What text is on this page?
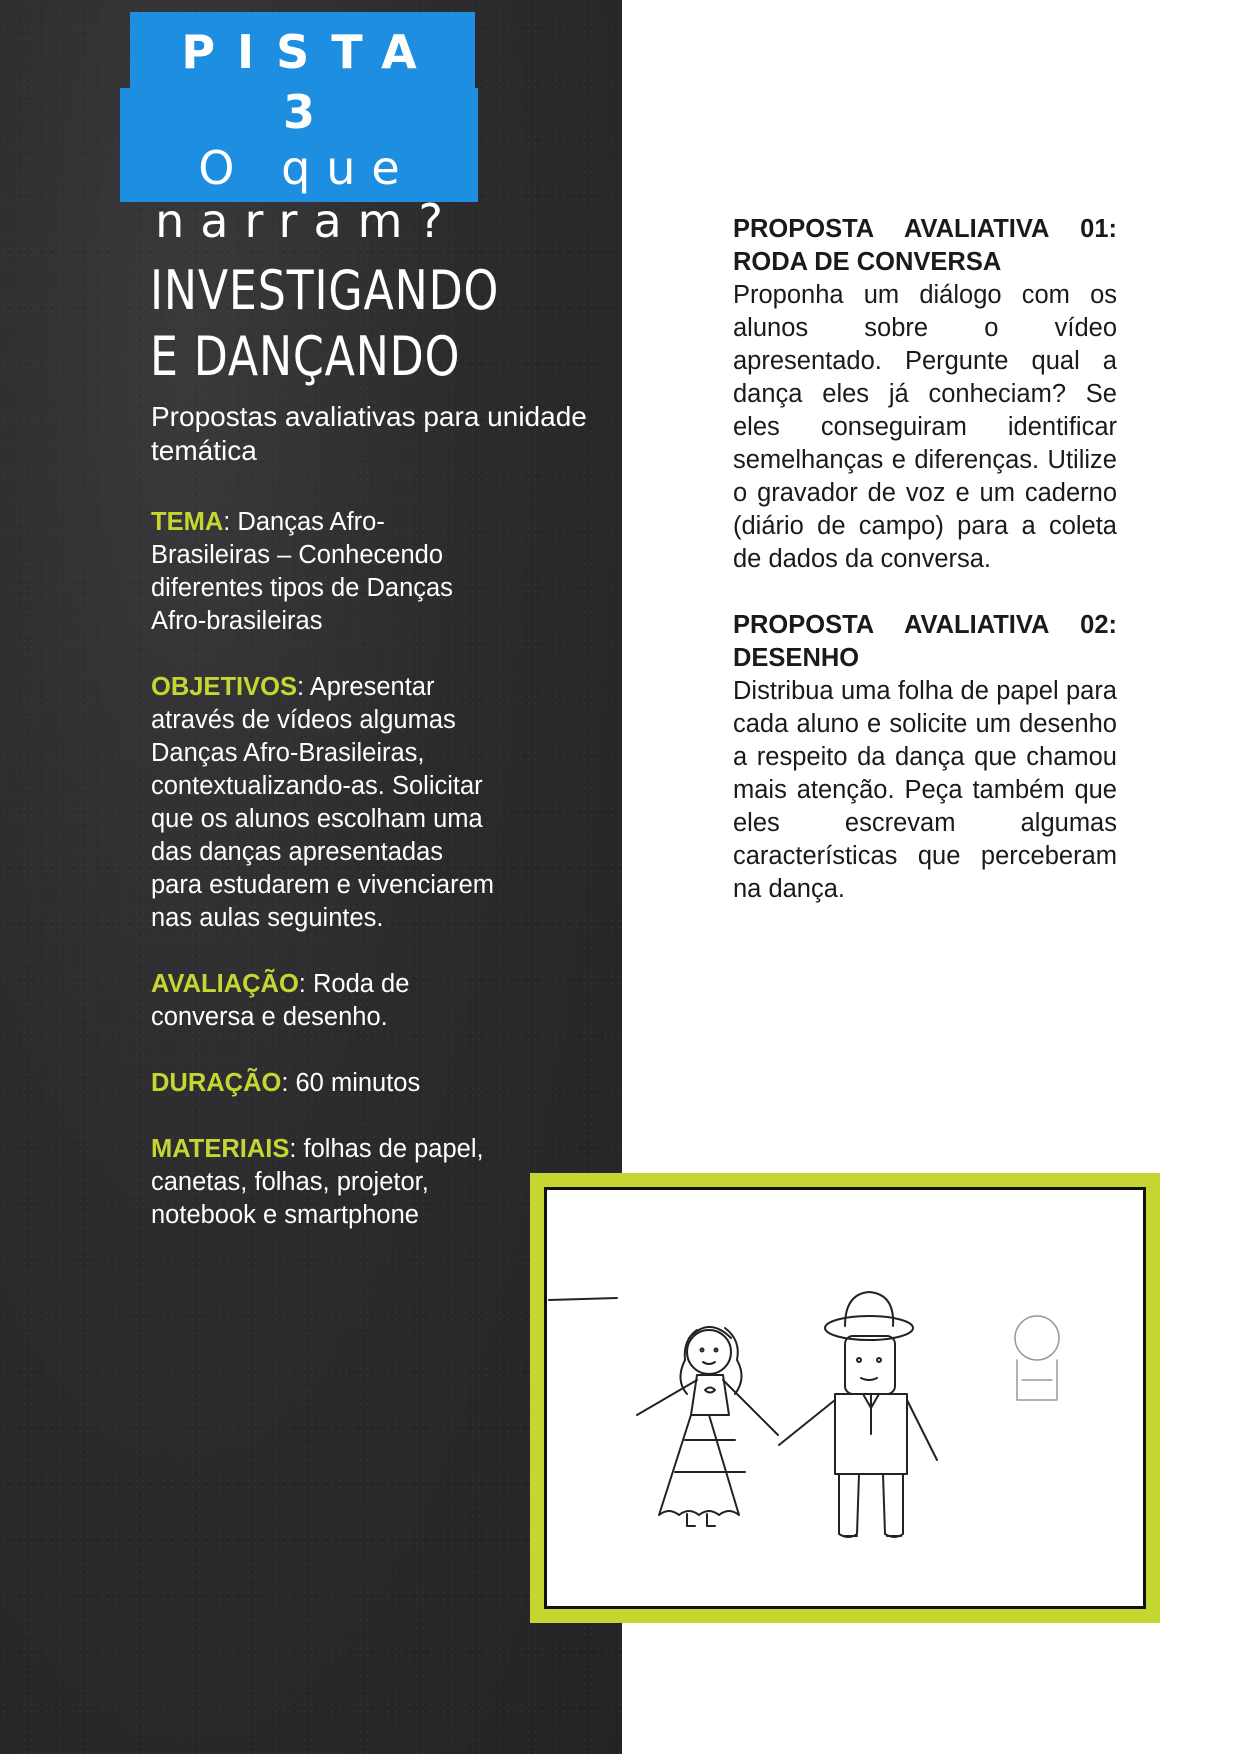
PISTA 3
O que
narram?
INVESTIGANDO
E DANÇANDO
Propostas avaliativas para unidade temática

TEMA: Danças Afro-Brasileiras – Conhecendo diferentes tipos de Danças Afro-brasileiras

OBJETIVOS: Apresentar através de vídeos algumas Danças Afro-Brasileiras, contextualizando-as. Solicitar que os alunos escolham uma das danças apresentadas para estudarem e vivenciarem nas aulas seguintes.

AVALIAÇÃO: Roda de conversa e desenho.

DURAÇÃO: 60 minutos

MATERIAIS: folhas de papel, canetas, folhas, projetor, notebook e smartphone

PROPOSTA AVALIATIVA 01: RODA DE CONVERSA
Proponha um diálogo com os alunos sobre o vídeo apresentado. Pergunte qual a dança eles já conheciam? Se eles conseguiram identificar semelhanças e diferenças. Utilize o gravador de voz e um caderno (diário de campo) para a coleta de dados da conversa.

PROPOSTA AVALIATIVA 02: DESENHO
Distribua uma folha de papel para cada aluno e solicite um desenho a respeito da dança que chamou mais atenção. Peça também que eles escrevam algumas características que perceberam na dança.
